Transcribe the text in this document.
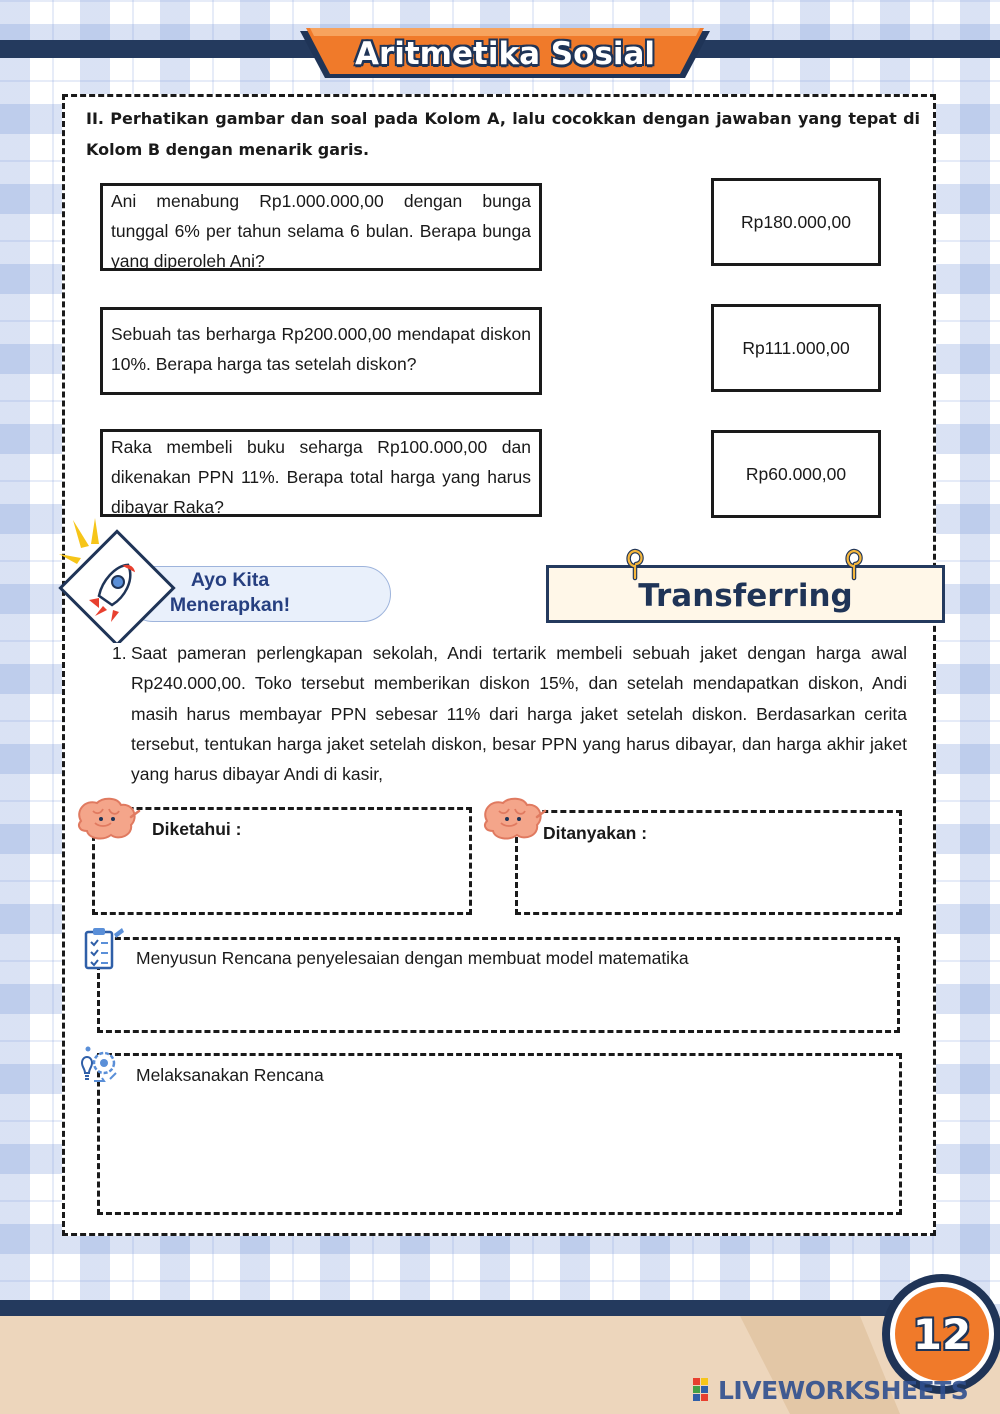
Aritmetika Sosial
II. Perhatikan gambar dan soal pada Kolom A, lalu cocokkan dengan jawaban yang tepat di Kolom B dengan menarik garis.
Ani menabung Rp1.000.000,00 dengan bunga tunggal 6% per tahun selama 6 bulan. Berapa bunga yang diperoleh Ani?
Sebuah tas berharga Rp200.000,00 mendapat diskon 10%. Berapa harga tas setelah diskon?
Raka membeli buku seharga Rp100.000,00 dan dikenakan PPN 11%. Berapa total harga yang harus dibayar Raka?
Rp180.000,00
Rp111.000,00
Rp60.000,00
Ayo Kita
Menerapkan!	Transferring
1. Saat pameran perlengkapan sekolah, Andi tertarik membeli sebuah jaket dengan harga awal Rp240.000,00. Toko tersebut memberikan diskon 15%, dan setelah mendapatkan diskon, Andi masih harus membayar PPN sebesar 11% dari harga jaket setelah diskon. Berdasarkan cerita tersebut, tentukan harga jaket setelah diskon, besar PPN yang harus dibayar, dan harga akhir jaket yang harus dibayar Andi di kasir,
Diketahui :	Ditanyakan :
Menyusun Rencana penyelesaian dengan membuat model matematika
Melaksanakan Rencana
12
LIVEWORKSHEETS
